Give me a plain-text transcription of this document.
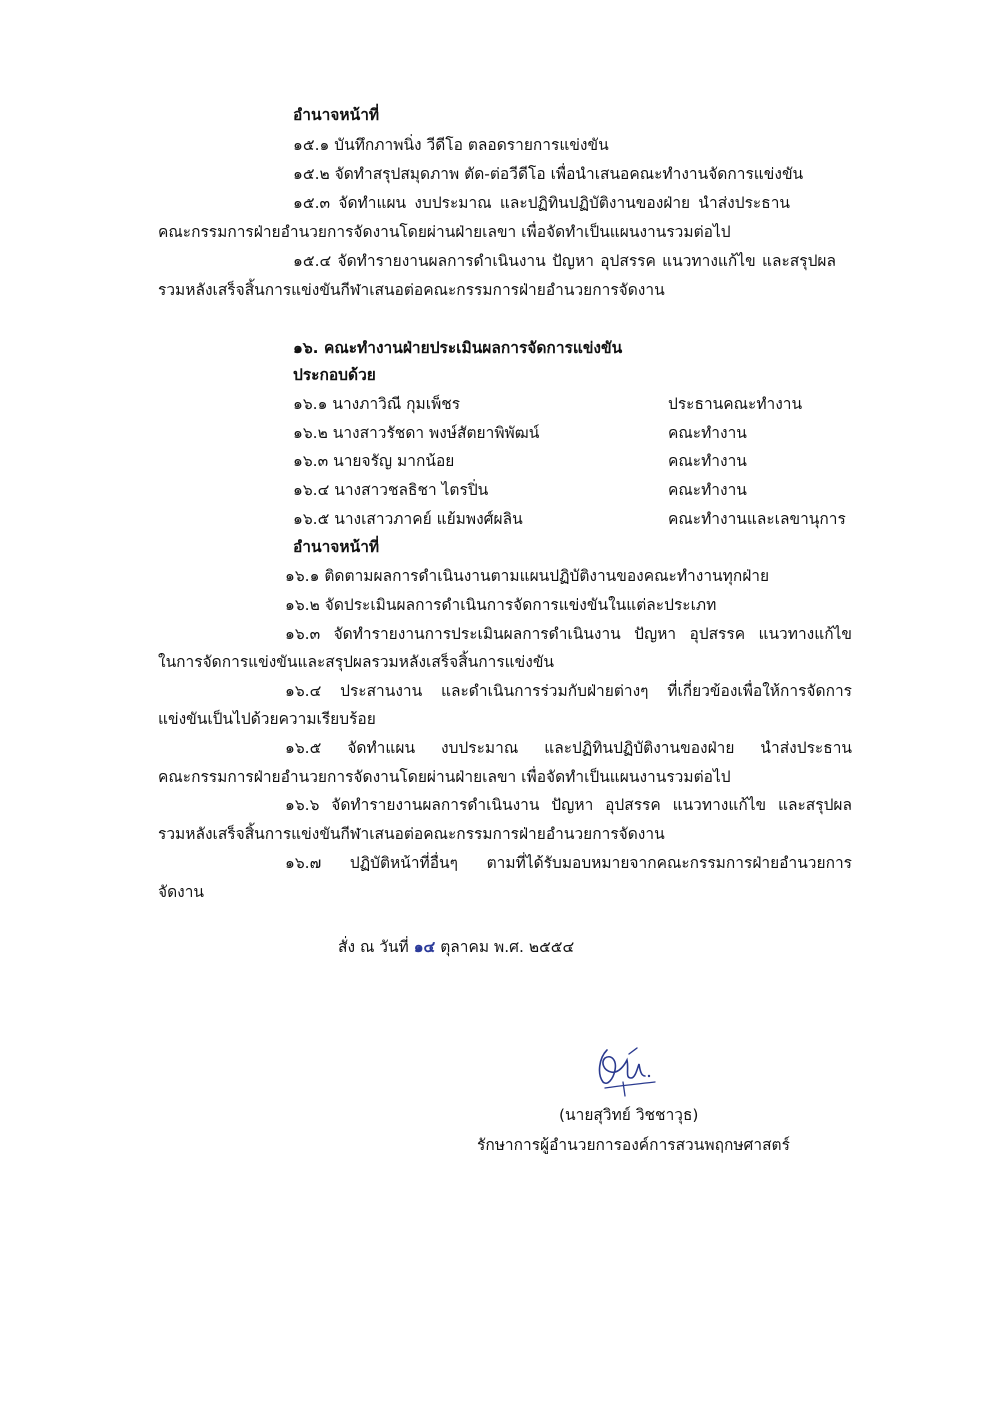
อำนาจหน้าที่
๑๕.๑ บันทึกภาพนิ่ง วีดีโอ ตลอดรายการแข่งขัน
๑๕.๒ จัดทำสรุปสมุดภาพ ตัด-ต่อวีดีโอ เพื่อนำเสนอคณะทำงานจัดการแข่งขัน
๑๕.๓ จัดทำแผน งบประมาณ และปฏิทินปฏิบัติงานของฝ่าย นำส่งประธาน
คณะกรรมการฝ่ายอำนวยการจัดงานโดยผ่านฝ่ายเลขา เพื่อจัดทำเป็นแผนงานรวมต่อไป
๑๕.๔ จัดทำรายงานผลการดำเนินงาน ปัญหา อุปสรรค แนวทางแก้ไข และสรุปผล
รวมหลังเสร็จสิ้นการแข่งขันกีฬาเสนอต่อคณะกรรมการฝ่ายอำนวยการจัดงาน
๑๖. คณะทำงานฝ่ายประเมินผลการจัดการแข่งขัน
ประกอบด้วย
๑๖.๑ นางภาวิณี กุมเพ็ชร	ประธานคณะทำงาน
๑๖.๒ นางสาวรัชดา พงษ์สัตยาพิพัฒน์	คณะทำงาน
๑๖.๓ นายจรัญ มากน้อย	คณะทำงาน
๑๖.๔ นางสาวชลธิชา ไตรปิ่น	คณะทำงาน
๑๖.๕ นางเสาวภาคย์ แย้มพงศ์ผลิน	คณะทำงานและเลขานุการ
อำนาจหน้าที่
๑๖.๑ ติดตามผลการดำเนินงานตามแผนปฏิบัติงานของคณะทำงานทุกฝ่าย
๑๖.๒ จัดประเมินผลการดำเนินการจัดการแข่งขันในแต่ละประเภท
๑๖.๓ จัดทำรายงานการประเมินผลการดำเนินงาน ปัญหา อุปสรรค แนวทางแก้ไข
ในการจัดการแข่งขันและสรุปผลรวมหลังเสร็จสิ้นการแข่งขัน
๑๖.๔ ประสานงาน และดำเนินการร่วมกับฝ่ายต่างๆ ที่เกี่ยวข้องเพื่อให้การจัดการ
แข่งขันเป็นไปด้วยความเรียบร้อย
๑๖.๕ จัดทำแผน งบประมาณ และปฏิทินปฏิบัติงานของฝ่าย นำส่งประธาน
คณะกรรมการฝ่ายอำนวยการจัดงานโดยผ่านฝ่ายเลขา เพื่อจัดทำเป็นแผนงานรวมต่อไป
๑๖.๖ จัดทำรายงานผลการดำเนินงาน ปัญหา อุปสรรค แนวทางแก้ไข และสรุปผล
รวมหลังเสร็จสิ้นการแข่งขันกีฬาเสนอต่อคณะกรรมการฝ่ายอำนวยการจัดงาน
๑๖.๗ ปฏิบัติหน้าที่อื่นๆ ตามที่ได้รับมอบหมายจากคณะกรรมการฝ่ายอำนวยการ
จัดงาน
สั่ง ณ วันที่ ๑๔ ตุลาคม พ.ศ. ๒๕๕๔
(นายสุวิทย์ วิชชาวุธ)
รักษาการผู้อำนวยการองค์การสวนพฤกษศาสตร์
